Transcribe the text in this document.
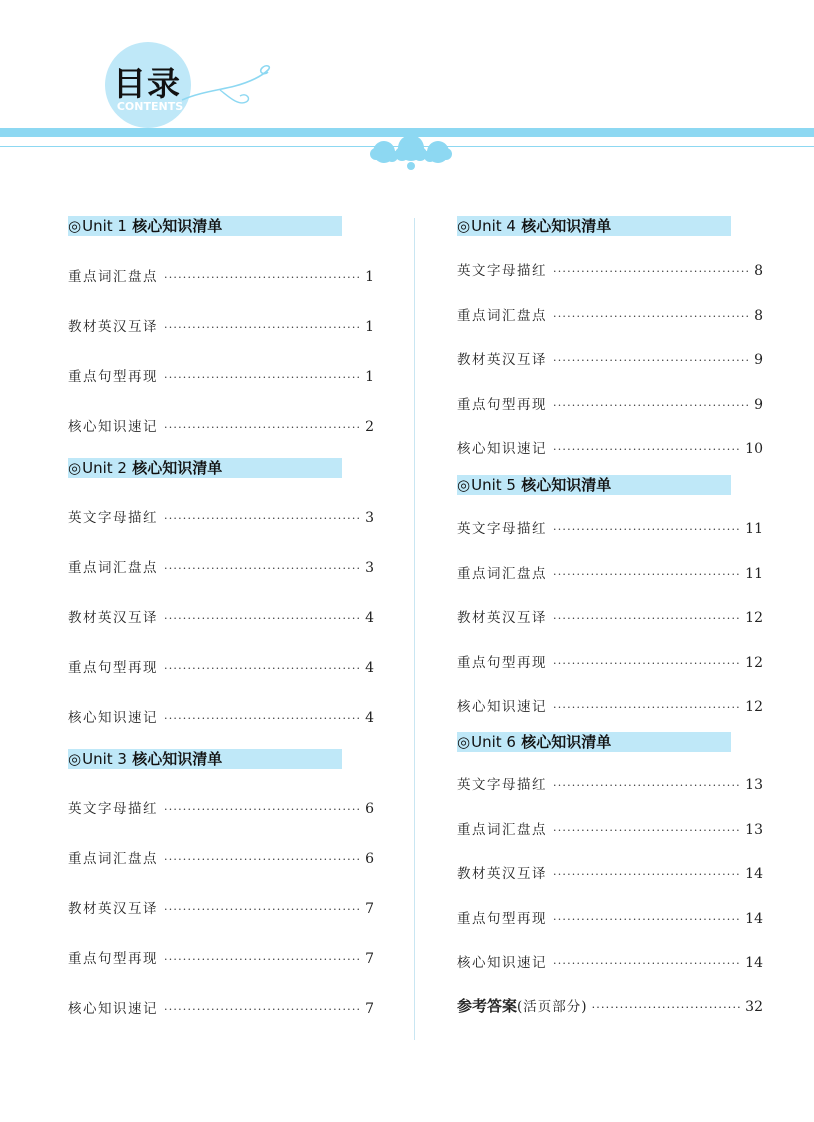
目录
CONTENTS
◎Unit 1 核心知识清单
重点词汇盘点 ·····	1
教材英汉互译 ·····	1
重点句型再现 ·····	1
核心知识速记 ·····	2
◎Unit 2 核心知识清单
英文字母描红 ·····	3
重点词汇盘点 ·····	3
教材英汉互译 ·····	4
重点句型再现 ·····	4
核心知识速记 ·····	4
◎Unit 3 核心知识清单
英文字母描红 ·····	6
重点词汇盘点 ·····	6
教材英汉互译 ·····	7
重点句型再现 ·····	7
核心知识速记 ·····	7
◎Unit 4 核心知识清单
英文字母描红 ·····	8
重点词汇盘点 ·····	8
教材英汉互译 ·····	9
重点句型再现 ·····	9
核心知识速记 ·····	10
◎Unit 5 核心知识清单
英文字母描红 ·····	11
重点词汇盘点 ·····	11
教材英汉互译 ·····	12
重点句型再现 ·····	12
核心知识速记 ·····	12
◎Unit 6 核心知识清单
英文字母描红 ·····	13
重点词汇盘点 ·····	13
教材英汉互译 ·····	14
重点句型再现 ·····	14
核心知识速记 ·····	14
参考答案 (活页部分) ·····	32
